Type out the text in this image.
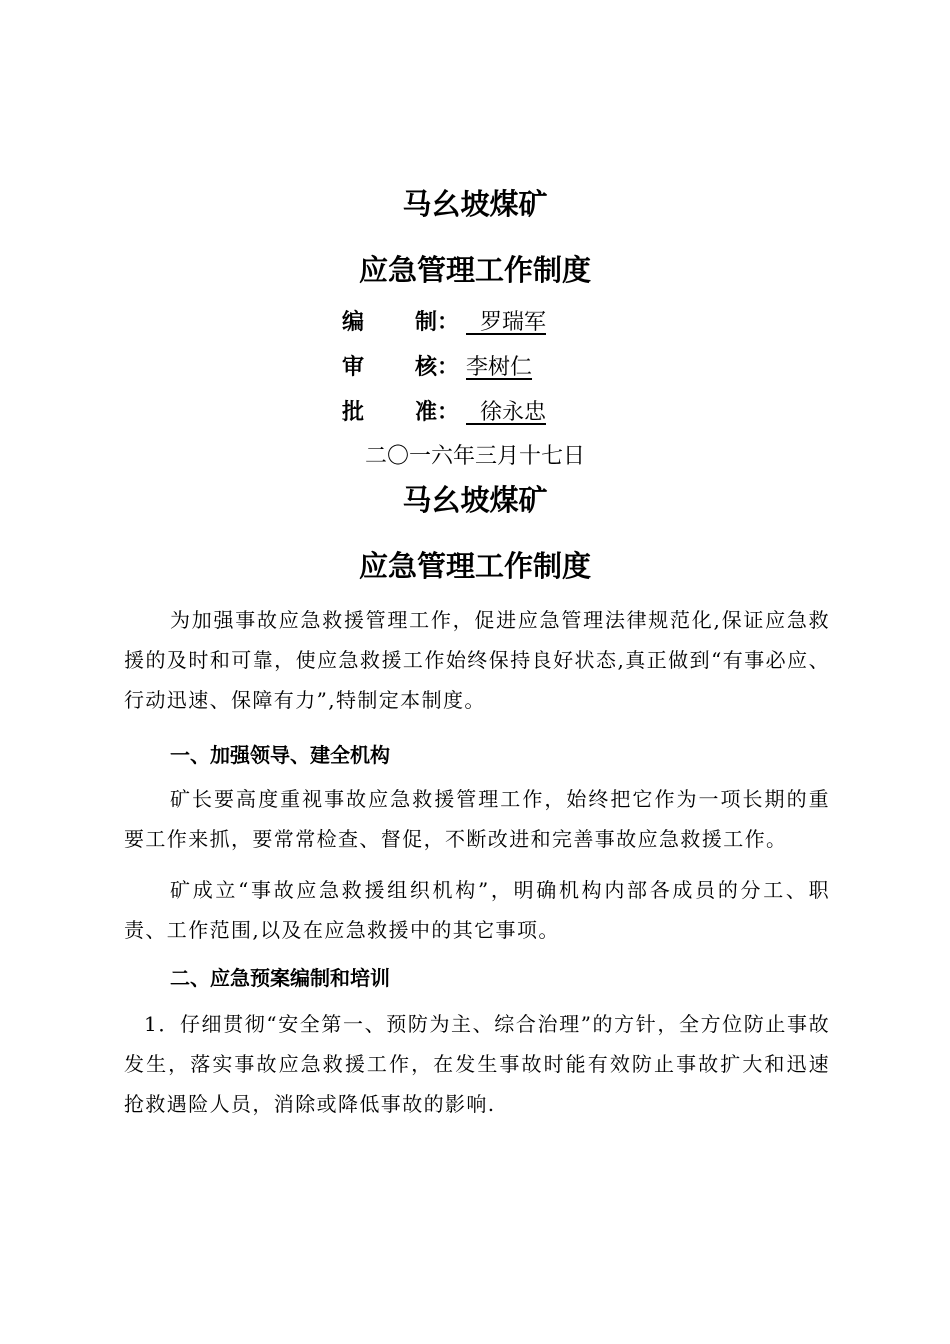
马幺坡煤矿
应急管理工作制度
编 制： 罗瑞军
审 核： 李树仁
批 准： 徐永忠
二〇一六年三月十七日
马幺坡煤矿
应急管理工作制度

为加强事故应急救援管理工作，促进应急管理法律规范化,保证应急救援的及时和可靠，使应急救援工作始终保持良好状态,真正做到“有事必应、行动迅速、保障有力”,特制定本制度。

一、加强领导、建全机构

矿长要高度重视事故应急救援管理工作，始终把它作为一项长期的重要工作来抓，要常常检查、督促，不断改进和完善事故应急救援工作。

矿成立“事故应急救援组织机构”，明确机构内部各成员的分工、职责、工作范围,以及在应急救援中的其它事项。

二、应急预案编制和培训

1．仔细贯彻“安全第一、预防为主、综合治理”的方针，全方位防止事故发生，落实事故应急救援工作，在发生事故时能有效防止事故扩大和迅速抢救遇险人员，消除或降低事故的影响.
